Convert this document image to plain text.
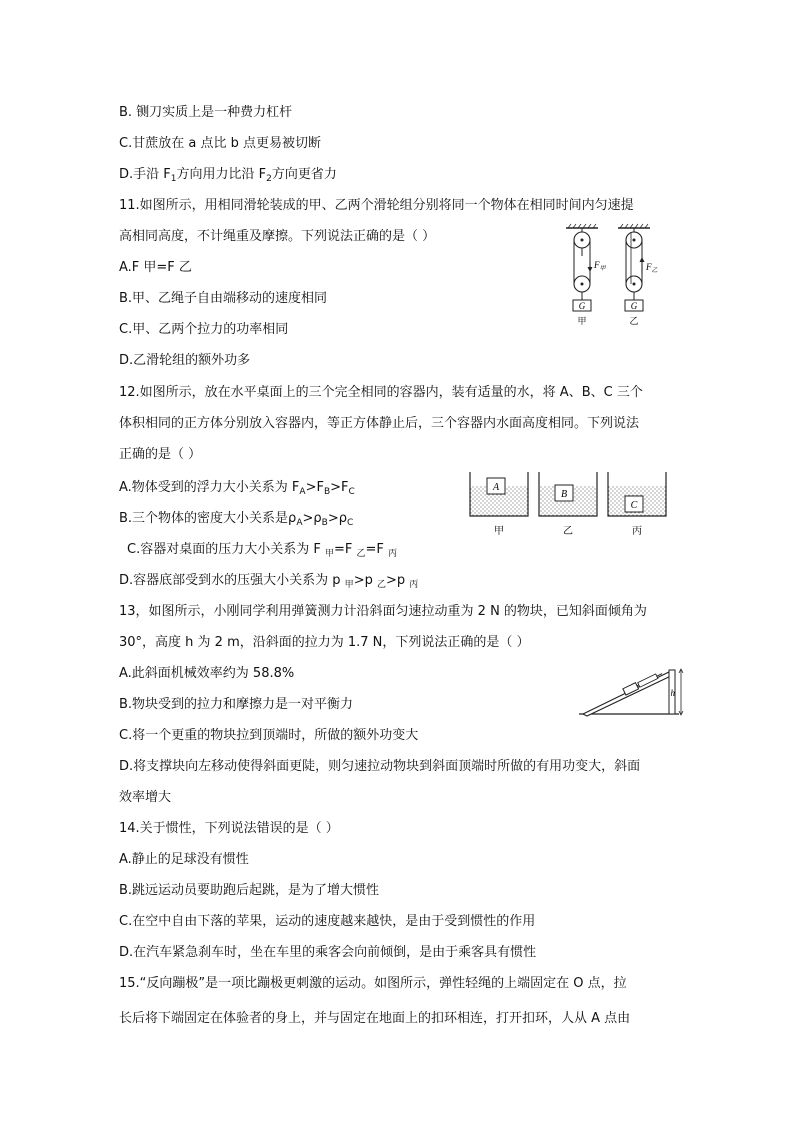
B. 铡刀实质上是一种费力杠杆
C.甘蔗放在 a 点比 b 点更易被切断
D.手沿 $F_1$方向用力比沿 $F_2$方向更省力
11.如图所示，用相同滑轮装成的甲、乙两个滑轮组分别将同一个物体在相同时间内匀速提
高相同高度，不计绳重及摩擦。下列说法正确的是（ ）
A.F 甲=F 乙
B.甲、乙绳子自由端移动的速度相同
C.甲、乙两个拉力的功率相同
D.乙滑轮组的额外功多
G
$F_甲$
甲
G
$F_乙$
乙
12.如图所示，放在水平桌面上的三个完全相同的容器内，装有适量的水，将 A、B、C 三个
体积相同的正方体分别放入容器内，等正方体静止后，三个容器内水面高度相同。下列说法
正确的是（ ）
A.物体受到的浮力大小关系为 $F_A>F_B>F_C$
B.三个物体的密度大小关系是$\rho_A>\rho_B>\rho_C$
C.容器对桌面的压力大小关系为 F $_甲$=F $_乙$=F $_丙$
D.容器底部受到水的压强大小关系为 p $_甲$>p $_乙$>p $_丙$
A
甲
B
乙
C
丙
13，如图所示，小刚同学利用弹簧测力计沿斜面匀速拉动重为 2 N 的物块，已知斜面倾角为
30°，高度 h 为 2 m，沿斜面的拉力为 1.7 N，下列说法正确的是（ ）
A.此斜面机械效率约为 58.8%
B.物块受到的拉力和摩擦力是一对平衡力
C.将一个更重的物块拉到顶端时，所做的额外功变大
D.将支撑块向左移动使得斜面更陡，则匀速拉动物块到斜面顶端时所做的有用功变大，斜面
效率增大
h
14.关于惯性，下列说法错误的是（ ）
A.静止的足球没有惯性
B.跳远运动员要助跑后起跳，是为了增大惯性
C.在空中自由下落的苹果，运动的速度越来越快，是由于受到惯性的作用
D.在汽车紧急刹车时，坐在车里的乘客会向前倾倒，是由于乘客具有惯性
15.“反向蹦极”是一项比蹦极更刺激的运动。如图所示，弹性轻绳的上端固定在 O 点，拉
长后将下端固定在体验者的身上，并与固定在地面上的扣环相连，打开扣环，人从 A 点由
